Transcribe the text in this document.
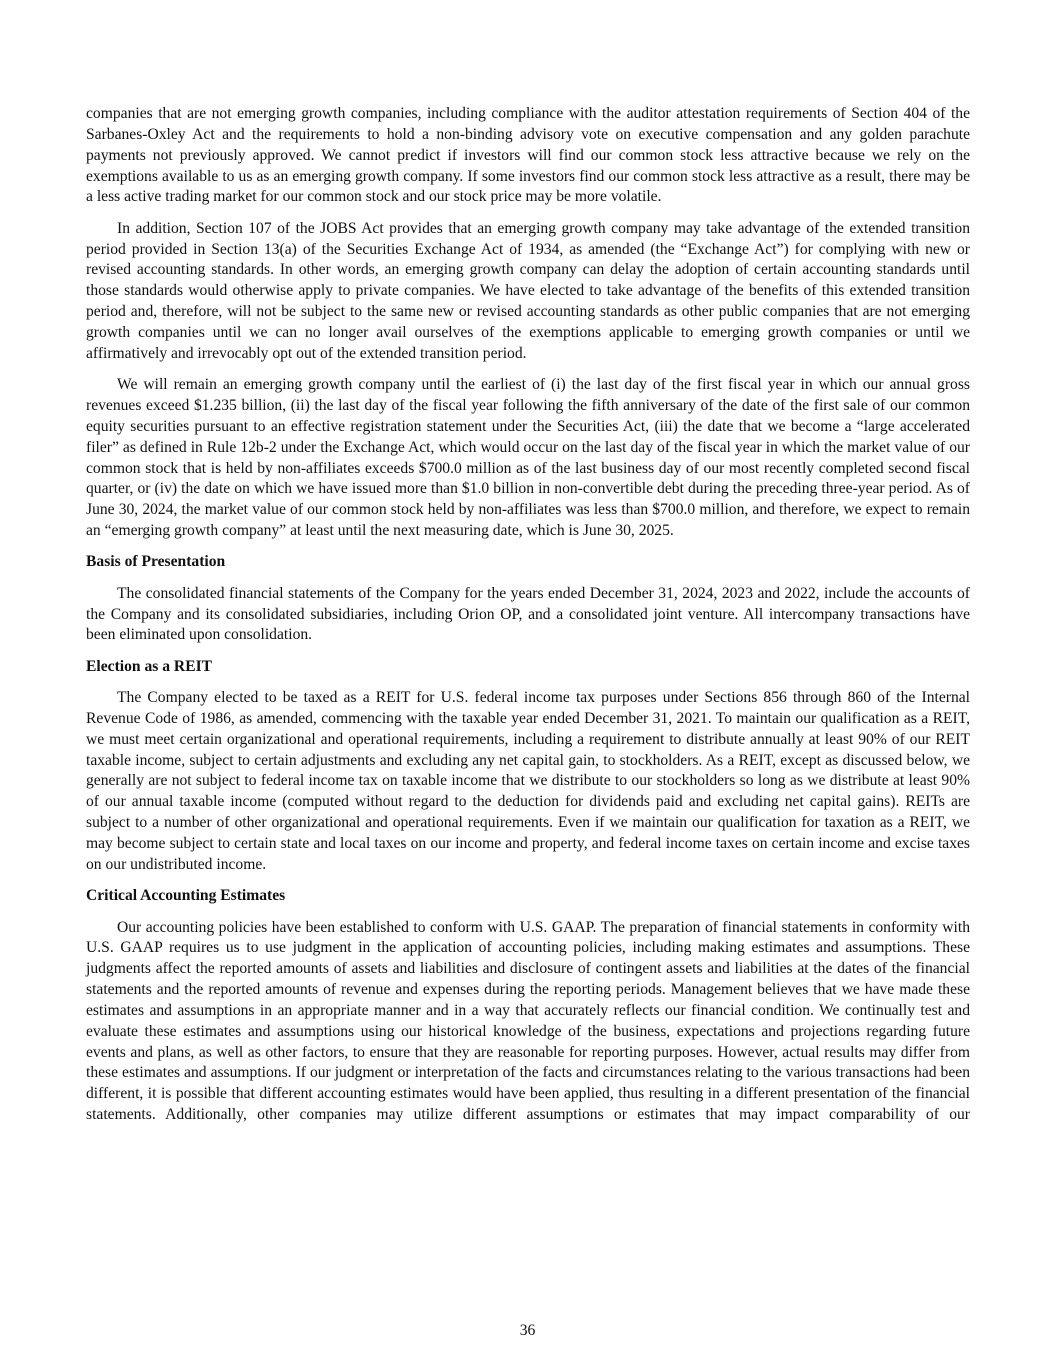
companies that are not emerging growth companies, including compliance with the auditor attestation requirements of Section 404 of the Sarbanes-Oxley Act and the requirements to hold a non-binding advisory vote on executive compensation and any golden parachute payments not previously approved. We cannot predict if investors will find our common stock less attractive because we rely on the exemptions available to us as an emerging growth company. If some investors find our common stock less attractive as a result, there may be a less active trading market for our common stock and our stock price may be more volatile.

In addition, Section 107 of the JOBS Act provides that an emerging growth company may take advantage of the extended transition period provided in Section 13(a) of the Securities Exchange Act of 1934, as amended (the “Exchange Act”) for complying with new or revised accounting standards. In other words, an emerging growth company can delay the adoption of certain accounting standards until those standards would otherwise apply to private companies. We have elected to take advantage of the benefits of this extended transition period and, therefore, will not be subject to the same new or revised accounting standards as other public companies that are not emerging growth companies until we can no longer avail ourselves of the exemptions applicable to emerging growth companies or until we affirmatively and irrevocably opt out of the extended transition period.

We will remain an emerging growth company until the earliest of (i) the last day of the first fiscal year in which our annual gross revenues exceed $1.235 billion, (ii) the last day of the fiscal year following the fifth anniversary of the date of the first sale of our common equity securities pursuant to an effective registration statement under the Securities Act, (iii) the date that we become a “large accelerated filer” as defined in Rule 12b-2 under the Exchange Act, which would occur on the last day of the fiscal year in which the market value of our common stock that is held by non-affiliates exceeds $700.0 million as of the last business day of our most recently completed second fiscal quarter, or (iv) the date on which we have issued more than $1.0 billion in non-convertible debt during the preceding three-year period. As of June 30, 2024, the market value of our common stock held by non-affiliates was less than $700.0 million, and therefore, we expect to remain an “emerging growth company” at least until the next measuring date, which is June 30, 2025.

Basis of Presentation

The consolidated financial statements of the Company for the years ended December 31, 2024, 2023 and 2022, include the accounts of the Company and its consolidated subsidiaries, including Orion OP, and a consolidated joint venture. All intercompany transactions have been eliminated upon consolidation.

Election as a REIT

The Company elected to be taxed as a REIT for U.S. federal income tax purposes under Sections 856 through 860 of the Internal Revenue Code of 1986, as amended, commencing with the taxable year ended December 31, 2021. To maintain our qualification as a REIT, we must meet certain organizational and operational requirements, including a requirement to distribute annually at least 90% of our REIT taxable income, subject to certain adjustments and excluding any net capital gain, to stockholders. As a REIT, except as discussed below, we generally are not subject to federal income tax on taxable income that we distribute to our stockholders so long as we distribute at least 90% of our annual taxable income (computed without regard to the deduction for dividends paid and excluding net capital gains). REITs are subject to a number of other organizational and operational requirements. Even if we maintain our qualification for taxation as a REIT, we may become subject to certain state and local taxes on our income and property, and federal income taxes on certain income and excise taxes on our undistributed income.

Critical Accounting Estimates

Our accounting policies have been established to conform with U.S. GAAP. The preparation of financial statements in conformity with U.S. GAAP requires us to use judgment in the application of accounting policies, including making estimates and assumptions. These judgments affect the reported amounts of assets and liabilities and disclosure of contingent assets and liabilities at the dates of the financial statements and the reported amounts of revenue and expenses during the reporting periods. Management believes that we have made these estimates and assumptions in an appropriate manner and in a way that accurately reflects our financial condition. We continually test and evaluate these estimates and assumptions using our historical knowledge of the business, expectations and projections regarding future events and plans, as well as other factors, to ensure that they are reasonable for reporting purposes. However, actual results may differ from these estimates and assumptions. If our judgment or interpretation of the facts and circumstances relating to the various transactions had been different, it is possible that different accounting estimates would have been applied, thus resulting in a different presentation of the financial statements. Additionally, other companies may utilize different assumptions or estimates that may impact comparability of our

36
